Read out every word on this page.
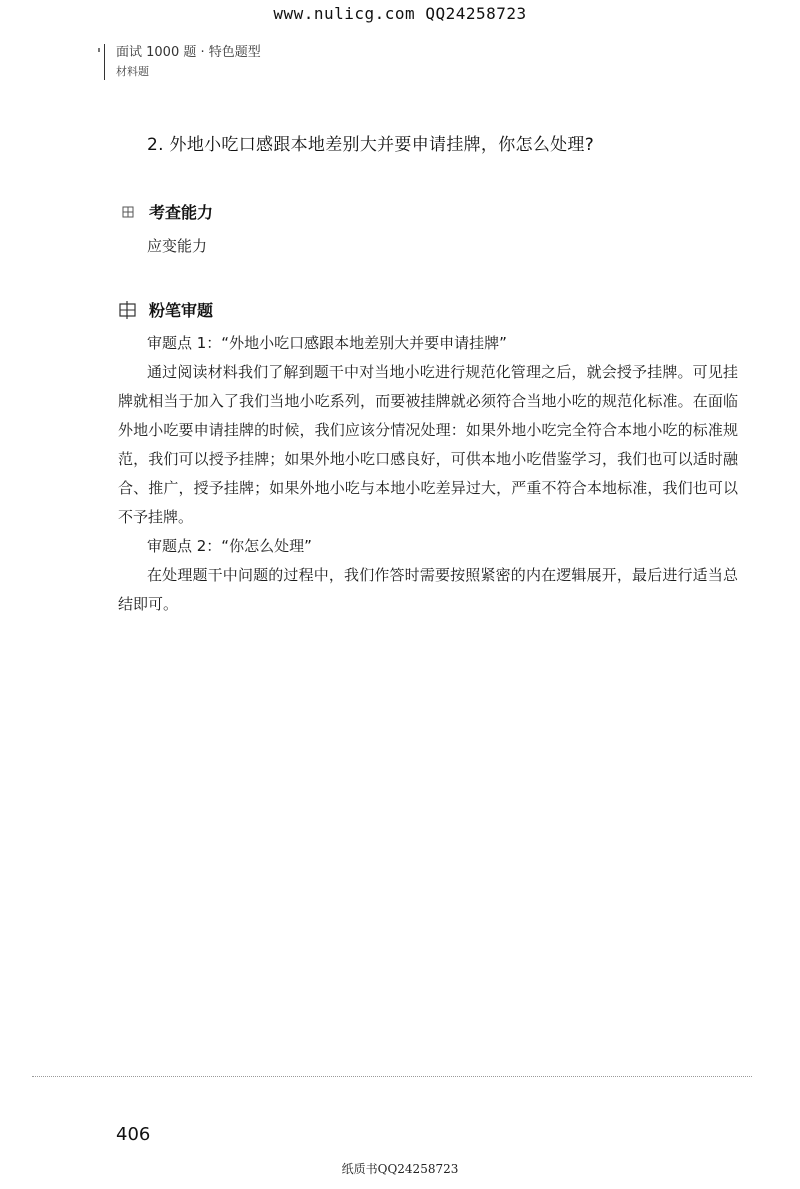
www.nulicg.com QQ24258723
面试 1000 题 · 特色题型
材料题
2. 外地小吃口感跟本地差别大并要申请挂牌，你怎么处理?
考查能力
应变能力
粉笔审题

审题点 1：“外地小吃口感跟本地差别大并要申请挂牌”

通过阅读材料我们了解到题干中对当地小吃进行规范化管理之后，就会授予挂牌。可见挂牌就相当于加入了我们当地小吃系列，而要被挂牌就必须符合当地小吃的规范化标准。在面临外地小吃要申请挂牌的时候，我们应该分情况处理：如果外地小吃完全符合本地小吃的标准规范，我们可以授予挂牌；如果外地小吃口感良好，可供本地小吃借鉴学习，我们也可以适时融合、推广，授予挂牌；如果外地小吃与本地小吃差异过大，严重不符合本地标准，我们也可以不予挂牌。

审题点 2：“你怎么处理”

在处理题干中问题的过程中，我们作答时需要按照紧密的内在逻辑展开，最后进行适当总结即可。

406
纸质书QQ24258723
